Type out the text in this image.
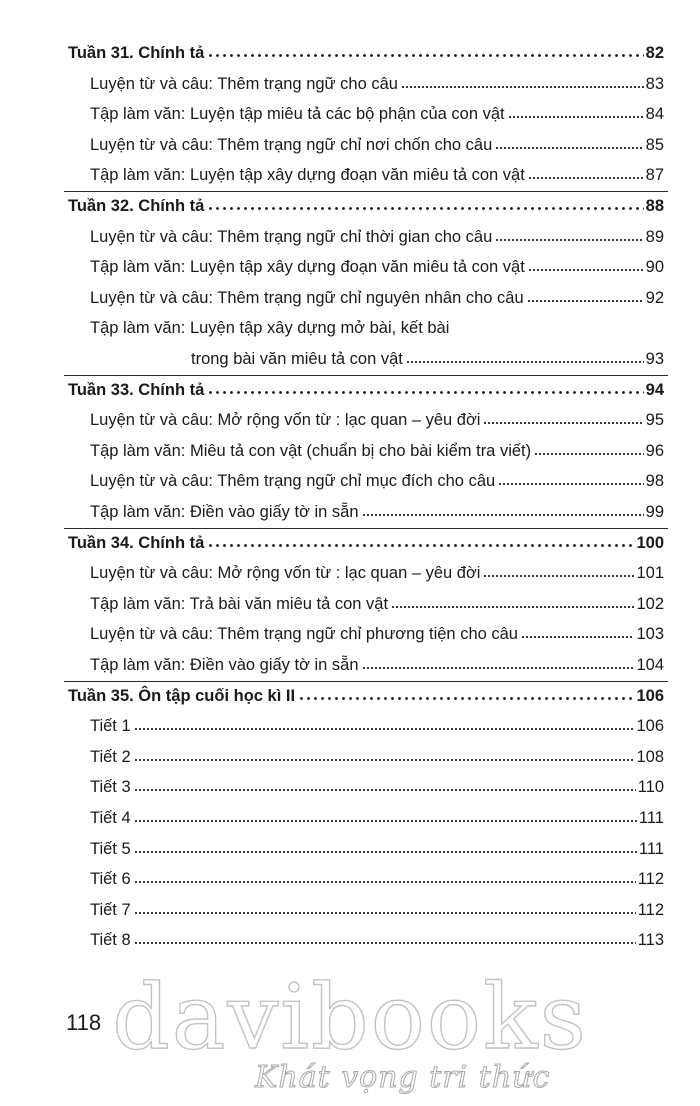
Tuần 31. Chính tả	82
Luyện từ và câu: Thêm trạng ngữ cho câu	83
Tập làm văn: Luyện tập miêu tả các bộ phận của con vật	84
Luyện từ và câu: Thêm trạng ngữ chỉ nơi chốn cho câu	85
Tập làm văn: Luyện tập xây dựng đoạn văn miêu tả con vật	87
Tuần 32. Chính tả	88
Luyện từ và câu: Thêm trạng ngữ chỉ thời gian cho câu	89
Tập làm văn: Luyện tập xây dựng đoạn văn miêu tả con vật	90
Luyện từ và câu: Thêm trạng ngữ chỉ nguyên nhân cho câu	92
Tập làm văn: Luyện tập xây dựng mở bài, kết bài
trong bài văn miêu tả con vật	93
Tuần 33. Chính tả	94
Luyện từ và câu: Mở rộng vốn từ : lạc quan – yêu đời	95
Tập làm văn: Miêu tả con vật (chuẩn bị cho bài kiểm tra viết)	96
Luyện từ và câu: Thêm trạng ngữ chỉ mục đích cho câu	98
Tập làm văn: Điền vào giấy tờ in sẵn	99
Tuần 34. Chính tả	100
Luyện từ và câu: Mở rộng vốn từ : lạc quan – yêu đời	101
Tập làm văn: Trả bài văn miêu tả con vật	102
Luyện từ và câu: Thêm trạng ngữ chỉ phương tiện cho câu	103
Tập làm văn: Điền vào giấy tờ in sẵn	104
Tuần 35. Ôn tập cuối học kì II	106
Tiết 1	106
Tiết 2	108
Tiết 3	110
Tiết 4	111
Tiết 5	111
Tiết 6	112
Tiết 7	112
Tiết 8	113
118 davibooks
Khát vọng tri thức
